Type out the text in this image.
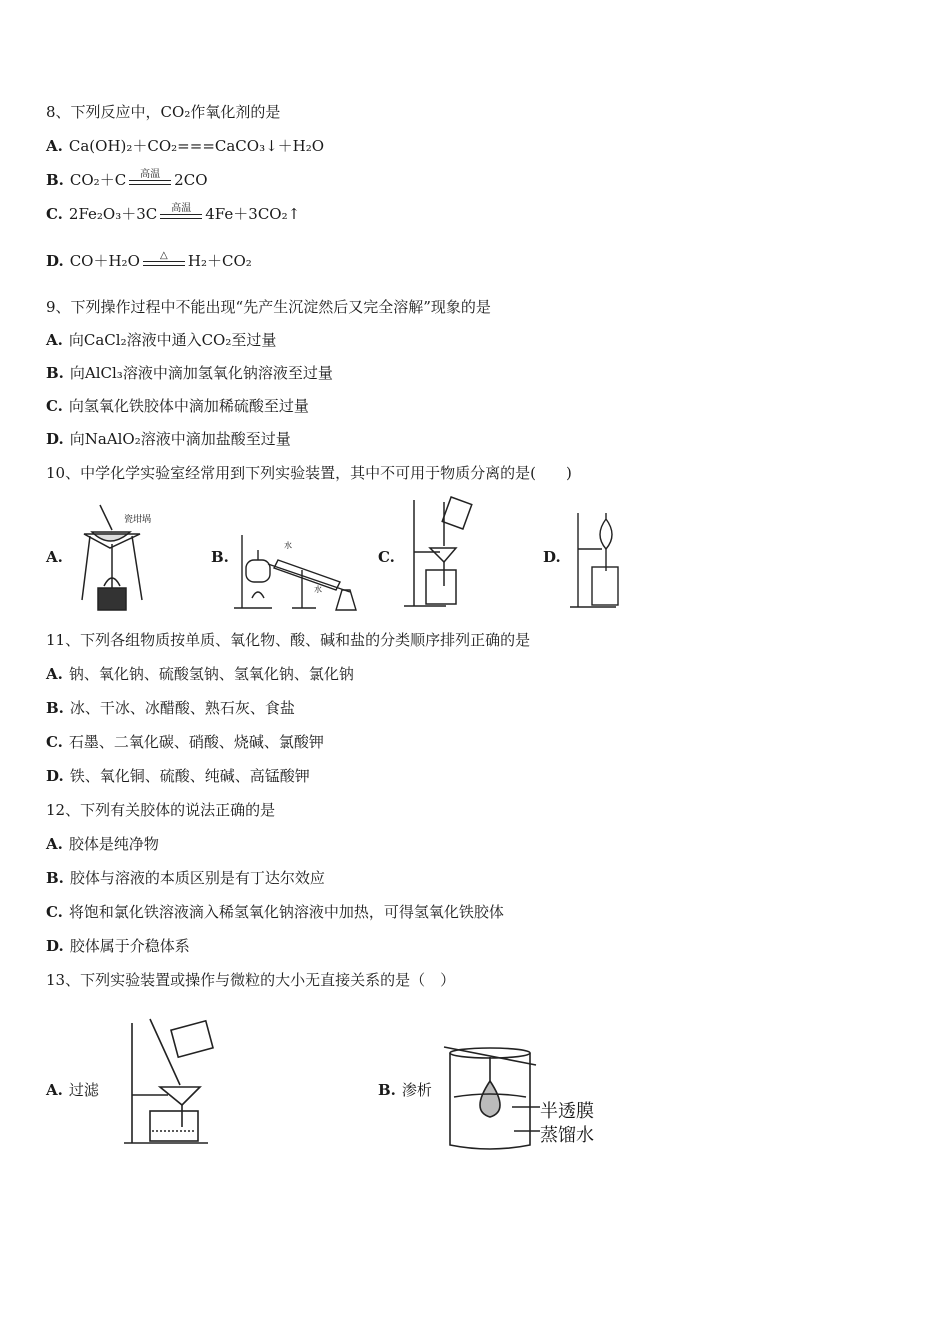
8、下列反应中，CO₂作氧化剂的是
A. Ca(OH)₂＋CO₂===CaCO₃↓＋H₂O
B. CO₂＋C	高温 2CO
C. 2Fe₂O₃＋3C	高温 4Fe＋3CO₂↑
D. CO＋H₂O	△	H₂＋CO₂
9、下列操作过程中不能出现“先产生沉淀然后又完全溶解”现象的是
A. 向CaCl₂溶液中通入CO₂至过量
B. 向AlCl₃溶液中滴加氢氧化钠溶液至过量
C. 向氢氧化铁胶体中滴加稀硫酸至过量
D. 向NaAlO₂溶液中滴加盐酸至过量
10、中学化学实验室经常用到下列实验装置，其中不可用于物质分离的是(　　)
A.
瓷坩埚
B.
水
水
C.	D.
11、下列各组物质按单质、氧化物、酸、碱和盐的分类顺序排列正确的是
A. 钠、氧化钠、硫酸氢钠、氢氧化钠、氯化钠
B. 冰、干冰、冰醋酸、熟石灰、食盐
C. 石墨、二氧化碳、硝酸、烧碱、氯酸钾
D. 铁、氧化铜、硫酸、纯碱、高锰酸钾
12、下列有关胶体的说法正确的是
A. 胶体是纯净物
B. 胶体与溶液的本质区别是有丁达尔效应
C. 将饱和氯化铁溶液滴入稀氢氧化钠溶液中加热，可得氢氧化铁胶体
D. 胶体属于介稳体系
13、下列实验装置或操作与微粒的大小无直接关系的是（　）
A. 过滤	B. 渗析
半透膜
蒸馏水
